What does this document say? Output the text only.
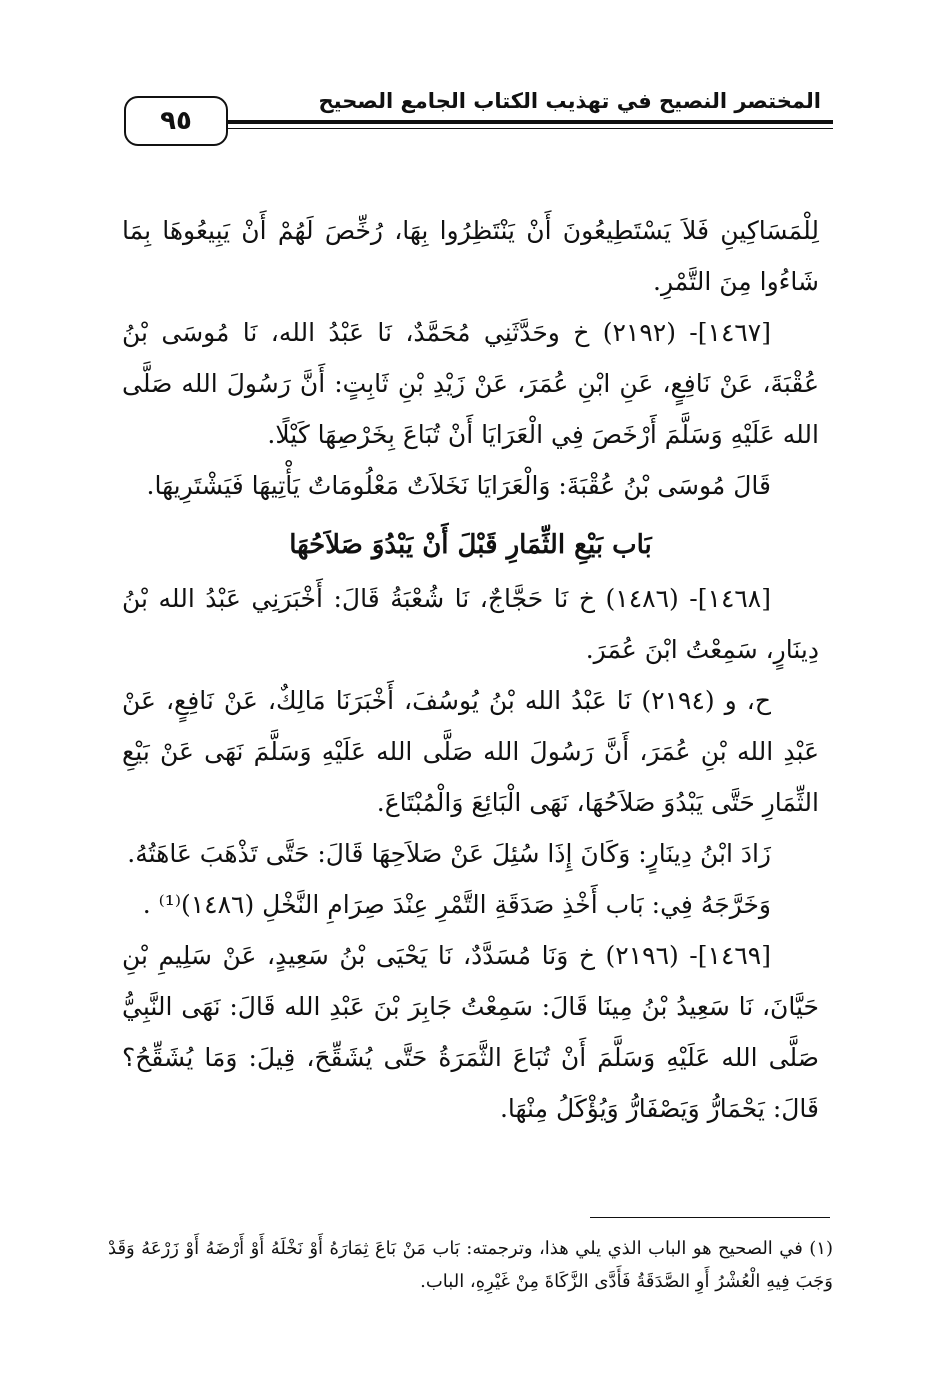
المختصر النصيح في تهذيب الكتاب الجامع الصحيح
٩٥

لِلْمَسَاكِينِ فَلاَ يَسْتَطِيعُونَ أَنْ يَنْتَظِرُوا بِهَا، رُخِّصَ لَهُمْ أَنْ يَبِيعُوهَا بِمَا شَاءُوا مِنَ التَّمْرِ.

[١٤٦٧]- (٢١٩٢) خ وحَدَّثَنِي مُحَمَّدٌ، نَا عَبْدُ الله، نَا مُوسَى بْنُ عُقْبَةَ، عَنْ نَافِعٍ، عَنِ ابْنِ عُمَرَ، عَنْ زَيْدِ بْنِ ثَابِتٍ: أَنَّ رَسُولَ الله صَلَّى الله عَلَيْهِ وَسَلَّمَ أَرْخَصَ فِي الْعَرَايَا أَنْ تُبَاعَ بِخَرْصِهَا كَيْلًا.

قَالَ مُوسَى بْنُ عُقْبَةَ: وَالْعَرَايَا نَخَلاَتٌ مَعْلُومَاتٌ يَأْتِيهَا فَيَشْتَرِيهَا.

بَاب بَيْعِ الثِّمَارِ قَبْلَ أَنْ يَبْدُوَ صَلاَحُهَا

[١٤٦٨]- (١٤٨٦) خ نَا حَجَّاجٌ، نَا شُعْبَةُ قَالَ: أَخْبَرَنِي عَبْدُ الله بْنُ دِينَارٍ، سَمِعْتُ ابْنَ عُمَرَ.

ح، و (٢١٩٤) نَا عَبْدُ الله بْنُ يُوسُفَ، أَخْبَرَنَا مَالِكٌ، عَنْ نَافِعٍ، عَنْ عَبْدِ الله بْنِ عُمَرَ، أَنَّ رَسُولَ الله صَلَّى الله عَلَيْهِ وَسَلَّمَ نَهَى عَنْ بَيْعِ الثِّمَارِ حَتَّى يَبْدُوَ صَلاَحُهَا، نَهَى الْبَائِعَ وَالْمُبْتَاعَ.

زَادَ ابْنُ دِينَارٍ: وَكَانَ إِذَا سُئِلَ عَنْ صَلاَحِهَا قَالَ: حَتَّى تَذْهَبَ عَاهَتُهُ.

وَخَرَّجَهُ فِي: بَاب أَخْذِ صَدَقَةِ التَّمْرِ عِنْدَ صِرَامِ النَّخْلِ (١٤٨٦)⁽¹⁾ .

[١٤٦٩]- (٢١٩٦) خ وَنَا مُسَدَّدٌ، نَا يَحْيَى بْنُ سَعِيدٍ، عَنْ سَلِيمِ بْنِ حَيَّانَ، نَا سَعِيدُ بْنُ مِينَا قَالَ: سَمِعْتُ جَابِرَ بْنَ عَبْدِ الله قَالَ: نَهَى النَّبِيُّ صَلَّى الله عَلَيْهِ وَسَلَّمَ أَنْ تُبَاعَ الثَّمَرَةُ حَتَّى يُشَقِّحَ، قِيلَ: وَمَا يُشَقِّحُ؟ قَالَ: يَحْمَارُّ وَيَصْفَارُّ وَيُؤْكَلُ مِنْهَا.

(١) في الصحيح هو الباب الذي يلي هذا، وترجمته: بَاب مَنْ بَاعَ ثِمَارَهُ أَوْ نَخْلَهُ أَوْ أَرْضَهُ أَوْ زَرْعَهُ وَقَدْ وَجَبَ فِيهِ الْعُشْرُ أَوِ الصَّدَقَةُ فَأَدَّى الزَّكَاةَ مِنْ غَيْرِهِ، الباب.
